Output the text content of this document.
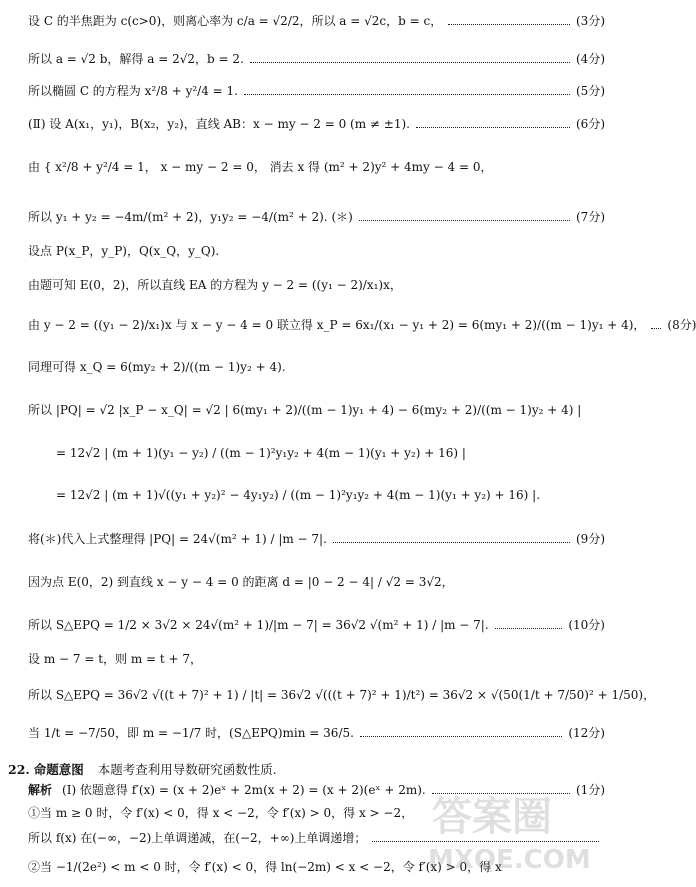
设 C 的半焦距为 c(c>0)，则离心率为 c/a = √2/2，所以 a = √2c，b = c，	(3分)
所以 a = √2 b，解得 a = 2√2，b = 2.	(4分)
所以椭圆 C 的方程为 x²/8 + y²/4 = 1.	(5分)
(Ⅱ) 设 A(x₁，y₁)，B(x₂，y₂)，直线 AB：x − my − 2 = 0 (m ≠ ±1).	(6分)
由 { x²/8 + y²/4 = 1， x − my − 2 = 0， 消去 x 得 (m² + 2)y² + 4my − 4 = 0，
所以 y₁ + y₂ = −4m/(m² + 2)，y₁y₂ = −4/(m² + 2). (＊)	(7分)
设点 P(x_P，y_P)，Q(x_Q，y_Q).
由题可知 E(0，2)，所以直线 EA 的方程为 y − 2 = ((y₁ − 2)/x₁)x，
由 y − 2 = ((y₁ − 2)/x₁)x 与 x − y − 4 = 0 联立得 x_P = 6x₁/(x₁ − y₁ + 2) = 6(my₁ + 2)/((m − 1)y₁ + 4)， (8分)
同理可得 x_Q = 6(my₂ + 2)/((m − 1)y₂ + 4).
所以 |PQ| = √2 |x_P − x_Q| = √2 | 6(my₁ + 2)/((m − 1)y₁ + 4) − 6(my₂ + 2)/((m − 1)y₂ + 4) |
= 12√2 | (m + 1)(y₁ − y₂) / ((m − 1)²y₁y₂ + 4(m − 1)(y₁ + y₂) + 16) |
= 12√2 | (m + 1)√((y₁ + y₂)² − 4y₁y₂) / ((m − 1)²y₁y₂ + 4(m − 1)(y₁ + y₂) + 16) |.
将(＊)代入上式整理得 |PQ| = 24√(m² + 1) / |m − 7|.	(9分)
因为点 E(0，2) 到直线 x − y − 4 = 0 的距离 d = |0 − 2 − 4| / √2 = 3√2，
所以 S△EPQ = 1/2 × 3√2 × 24√(m² + 1)/|m − 7| = 36√2 √(m² + 1) / |m − 7|.	(10分)
设 m − 7 = t，则 m = t + 7，
所以 S△EPQ = 36√2 √((t + 7)² + 1) / |t| = 36√2 √(((t + 7)² + 1)/t²) = 36√2 × √(50(1/t + 7/50)² + 1/50)，
当 1/t = −7/50，即 m = −1/7 时，(S△EPQ)min = 36/5.	(12分)
22. 命题意图 本题考查利用导数研究函数性质.
解析 (Ⅰ) 依题意得 f′(x) = (x + 2)eˣ + 2m(x + 2) = (x + 2)(eˣ + 2m).	(1分)
①当 m ≥ 0 时，令 f′(x) < 0，得 x < −2，令 f′(x) > 0，得 x > −2，
所以 f(x) 在(−∞，−2)上单调递减，在(−2，+∞)上单调递增；
②当 −1/(2e²) < m < 0 时，令 f′(x) < 0，得 ln(−2m) < x < −2，令 f′(x) > 0，得 x
答案圈
MXQE.COM
